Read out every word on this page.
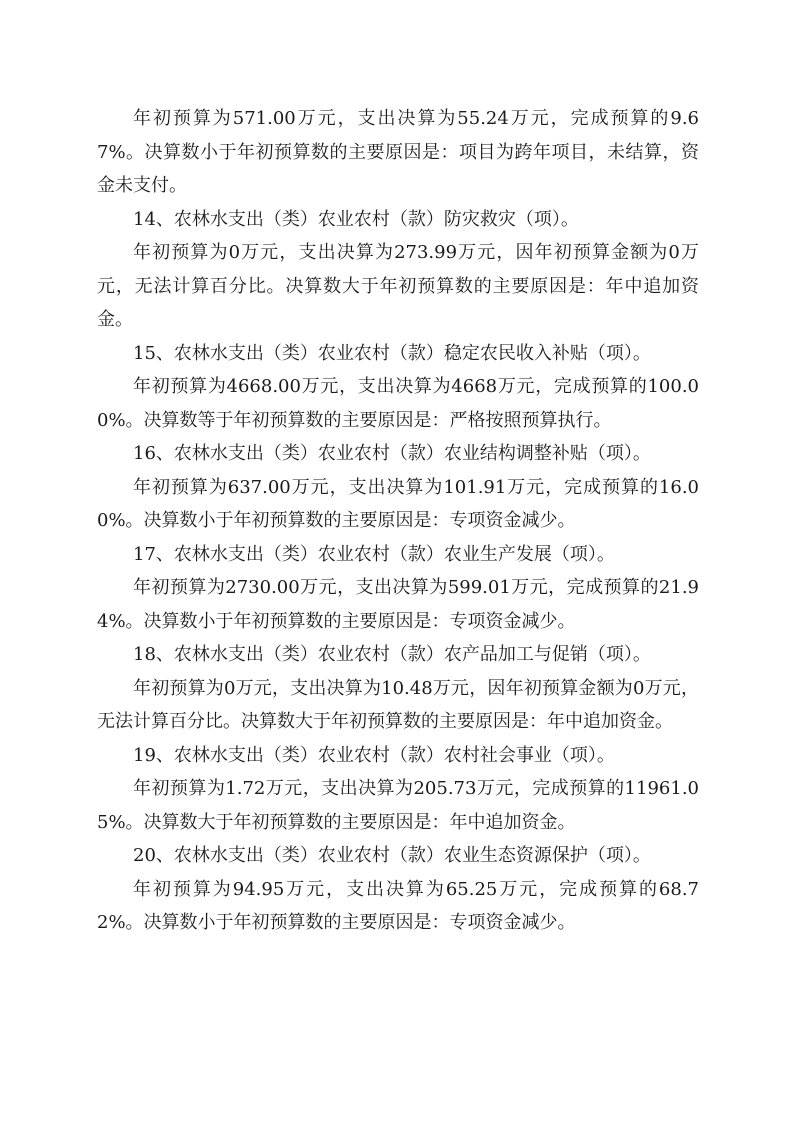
年初预算为571.00万元，支出决算为55.24万元，完成预算的9.67%。决算数小于年初预算数的主要原因是：项目为跨年项目，未结算，资金未支付。

14、农林水支出（类）农业农村（款）防灾救灾（项）。

年初预算为0万元，支出决算为273.99万元，因年初预算金额为0万元，无法计算百分比。决算数大于年初预算数的主要原因是：年中追加资金。

15、农林水支出（类）农业农村（款）稳定农民收入补贴（项）。

年初预算为4668.00万元，支出决算为4668万元，完成预算的100.00%。决算数等于年初预算数的主要原因是：严格按照预算执行。

16、农林水支出（类）农业农村（款）农业结构调整补贴（项）。

年初预算为637.00万元，支出决算为101.91万元，完成预算的16.00%。决算数小于年初预算数的主要原因是：专项资金减少。

17、农林水支出（类）农业农村（款）农业生产发展（项）。

年初预算为2730.00万元，支出决算为599.01万元，完成预算的21.94%。决算数小于年初预算数的主要原因是：专项资金减少。

18、农林水支出（类）农业农村（款）农产品加工与促销（项）。

年初预算为0万元，支出决算为10.48万元，因年初预算金额为0万元，无法计算百分比。决算数大于年初预算数的主要原因是：年中追加资金。

19、农林水支出（类）农业农村（款）农村社会事业（项）。

年初预算为1.72万元，支出决算为205.73万元，完成预算的11961.05%。决算数大于年初预算数的主要原因是：年中追加资金。

20、农林水支出（类）农业农村（款）农业生态资源保护（项）。

年初预算为94.95万元，支出决算为65.25万元，完成预算的68.72%。决算数小于年初预算数的主要原因是：专项资金减少。
